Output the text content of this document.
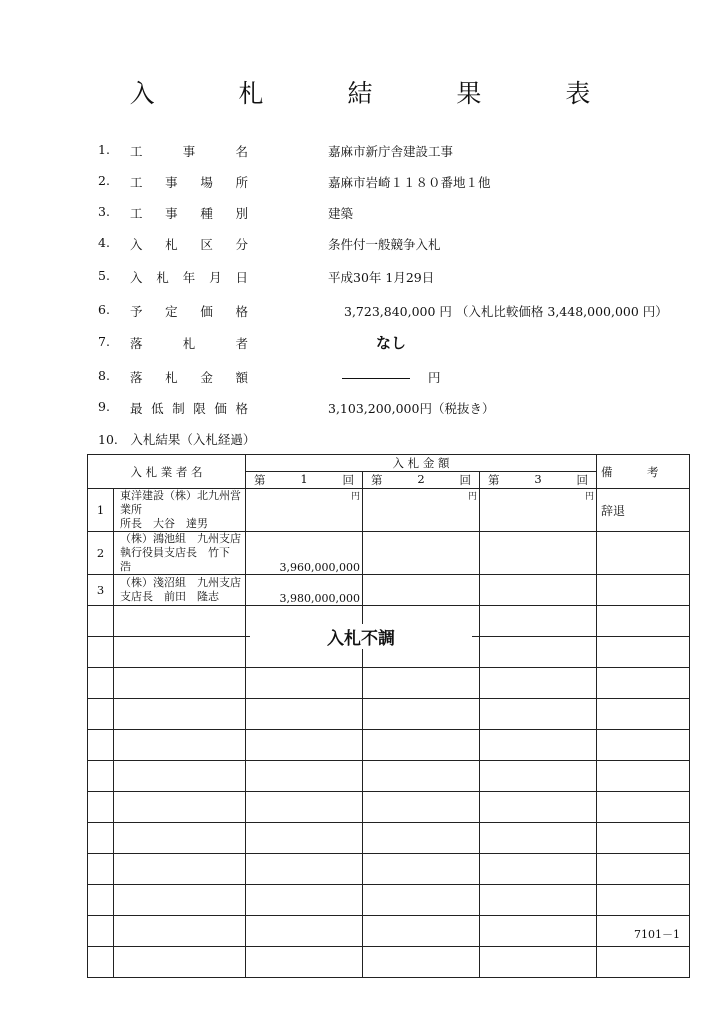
入 札 結 果 表
1.	工	事	名	嘉麻市新庁舎建設工事
2.	工 事 場 所	嘉麻市岩崎１１８０番地１他
3.	工 事 種 別	建築
4.	入 札 区 分	条件付一般競争入札
5.	入 札 年 月 日	平成30年 1月29日
6.	予 定 価 格	3,723,840,000 円 （入札比較価格 3,448,000,000 円）
7.	落	札	者	なし
8.	落 札 金 額	円
9.	最 低 制 限 価 格	3,103,200,000円（税抜き）
10.　入札結果（入札経過）
入 札 業 者 名		入 札 金 額			備　　　考

		第 1 回	第 2 回	第 3 回	

1	東洋建設（株）北九州営業所
所長　大谷　達男	円	円	円	辞退
2	（株）鴻池組　九州支店
執行役員支店長　竹下　浩	3,960,000,000			
3	（株）淺沼組　九州支店
支店長　前田　隆志	3,980,000,000			

入札不調
7101－1
